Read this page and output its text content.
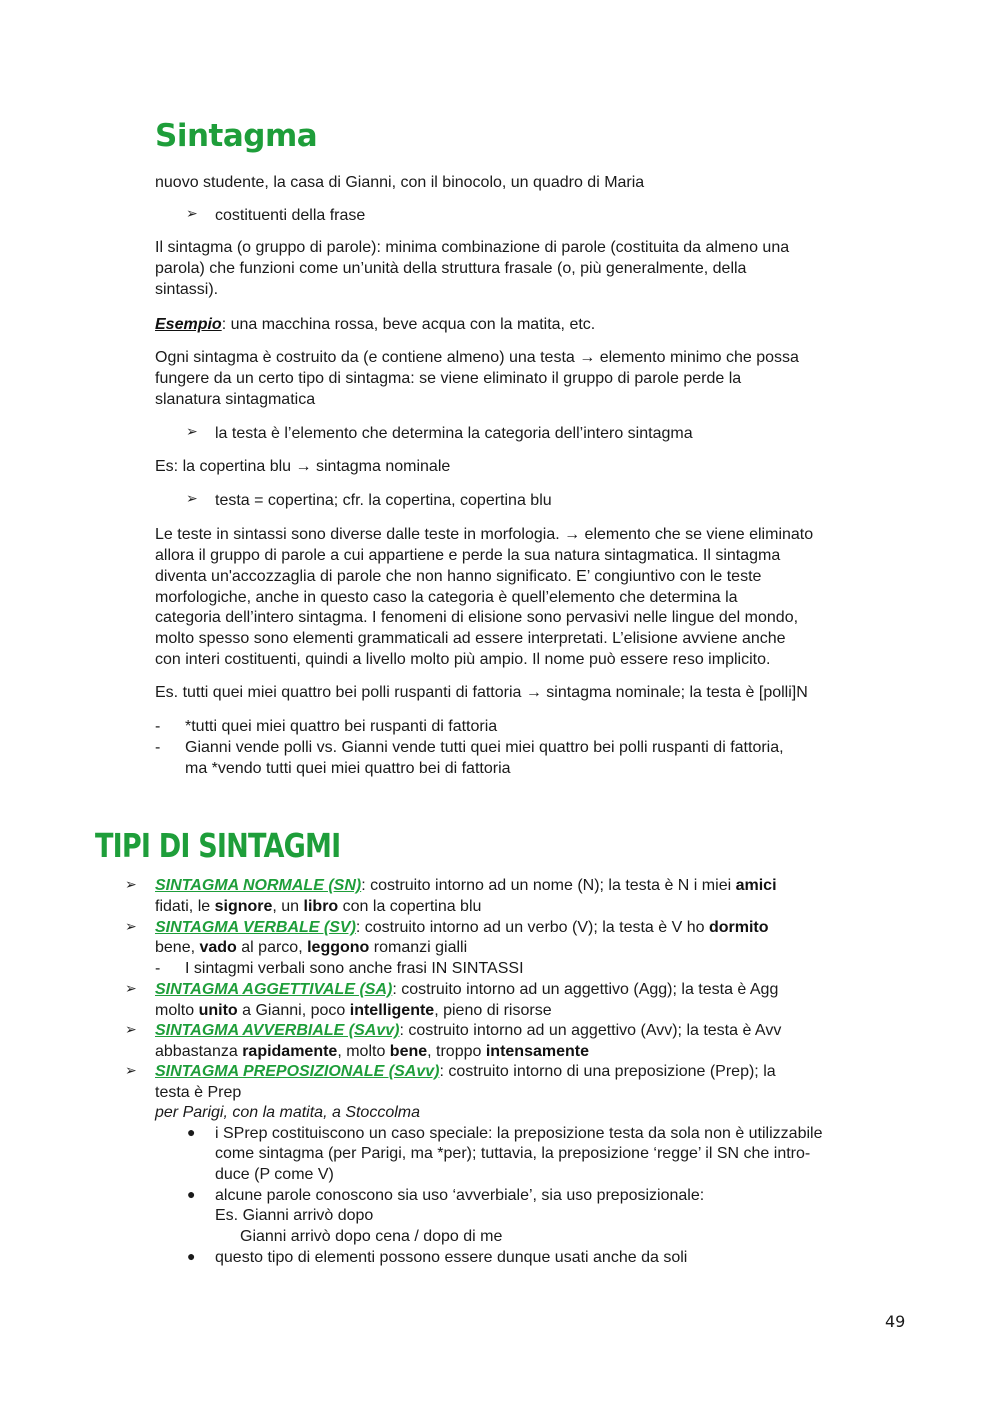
Sintagma
nuovo studente, la casa di Gianni, con il binocolo, un quadro di Maria
➢ costituenti della frase
Il sintagma (o gruppo di parole): minima combinazione di parole (costituita da almeno una
parola) che funzioni come un’unità della struttura frasale (o, più generalmente, della
sintassi).
Esempio: una macchina rossa, beve acqua con la matita, etc.
Ogni sintagma è costruito da (e contiene almeno) una testa → elemento minimo che possa
fungere da un certo tipo di sintagma: se viene eliminato il gruppo di parole perde la
slanatura sintagmatica
➢ la testa è l’elemento che determina la categoria dell’intero sintagma
Es: la copertina blu → sintagma nominale
➢ testa = copertina; cfr. la copertina, copertina blu
Le teste in sintassi sono diverse dalle teste in morfologia. → elemento che se viene eliminato
allora il gruppo di parole a cui appartiene e perde la sua natura sintagmatica. Il sintagma
diventa un'accozzaglia di parole che non hanno significato. E’ congiuntivo con le teste
morfologiche, anche in questo caso la categoria è quell’elemento che determina la
categoria dell’intero sintagma. I fenomeni di elisione sono pervasivi nelle lingue del mondo,
molto spesso sono elementi grammaticali ad essere interpretati. L’elisione avviene anche
con interi costituenti, quindi a livello molto più ampio. Il nome può essere reso implicito.
Es. tutti quei miei quattro bei polli ruspanti di fattoria → sintagma nominale; la testa è [polli]N
- *tutti quei miei quattro bei ruspanti di fattoria
- Gianni vende polli vs. Gianni vende tutti quei miei quattro bei polli ruspanti di fattoria,
ma *vendo tutti quei miei quattro bei di fattoria
TIPI DI SINTAGMI
➢ SINTAGMA NORMALE (SN): costruito intorno ad un nome (N); la testa è N i miei amici
fidati, le signore, un libro con la copertina blu
➢ SINTAGMA VERBALE (SV): costruito intorno ad un verbo (V); la testa è V ho dormito
bene, vado al parco, leggono romanzi gialli
- I sintagmi verbali sono anche frasi IN SINTASSI
➢ SINTAGMA AGGETTIVALE (SA): costruito intorno ad un aggettivo (Agg); la testa è Agg
molto unito a Gianni, poco intelligente, pieno di risorse
➢ SINTAGMA AVVERBIALE (SAvv): costruito intorno ad un aggettivo (Avv); la testa è Avv
abbastanza rapidamente, molto bene, troppo intensamente
➢ SINTAGMA PREPOSIZIONALE (SAvv): costruito intorno di una preposizione (Prep); la
testa è Prep
per Parigi, con la matita, a Stoccolma
● i SPrep costituiscono un caso speciale: la preposizione testa da sola non è utilizzabile
come sintagma (per Parigi, ma *per); tuttavia, la preposizione ‘regge’ il SN che intro-
duce (P come V)
● alcune parole conoscono sia uso ‘avverbiale’, sia uso preposizionale:
Es. Gianni arrivò dopo
Gianni arrivò dopo cena / dopo di me
● questo tipo di elementi possono essere dunque usati anche da soli
49
